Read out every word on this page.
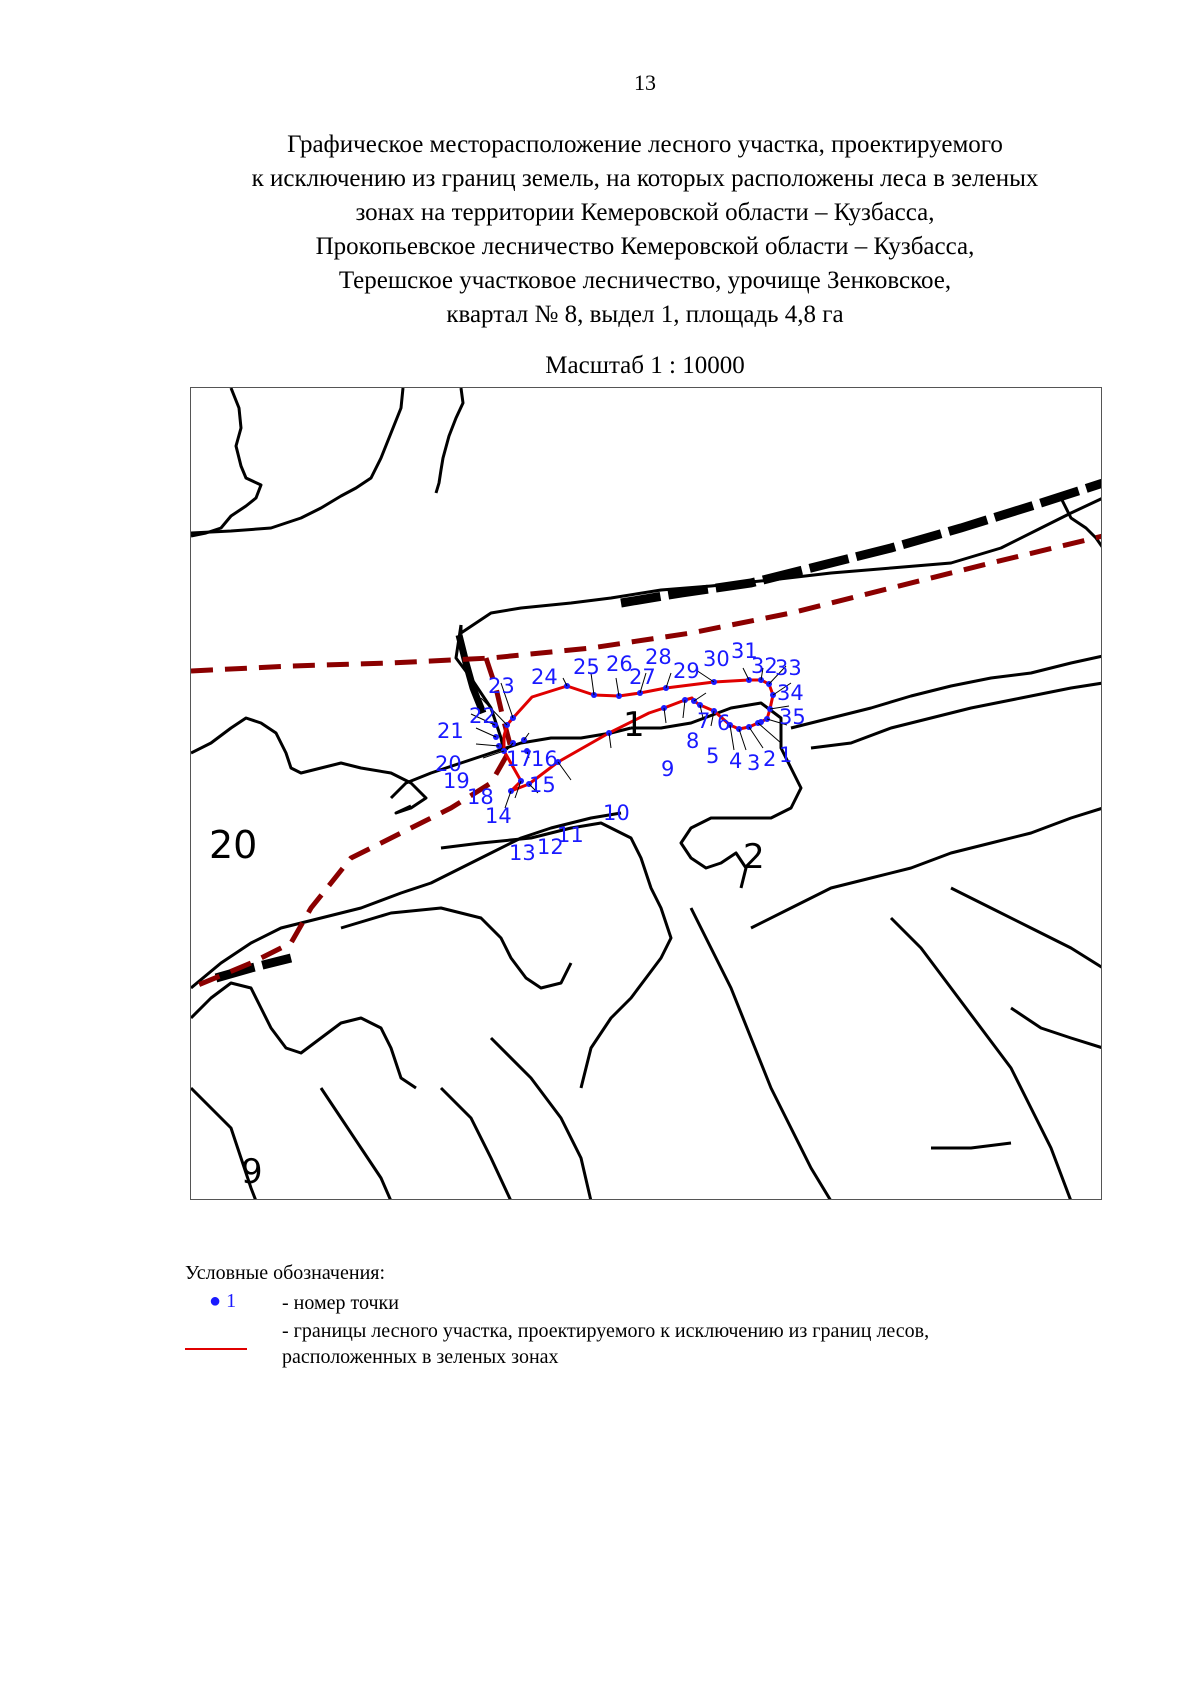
13
Графическое месторасположение лесного участка, проектируемого
к исключению из границ земель, на которых расположены леса в зеленых
зонах на территории Кемеровской области – Кузбасса,
Прокопьевское лесничество Кемеровской области – Кузбасса,
Терешское участковое лесничество, урочище Зенковское,
квартал № 8, выдел 1, площадь 4,8 га
Масштаб 1 : 10000
20
1
2
9
1
2
3
4
5
6
7
8
9
10
11
12
13
14
15
16
17
18
19
20
21
22
23 24 25 26
27
28
29 30 31
32
33
34
35
Условные обозначения:
● 1	- номер точки
- границы лесного участка, проектируемого к исключению из границ лесов,
расположенных в зеленых зонах
